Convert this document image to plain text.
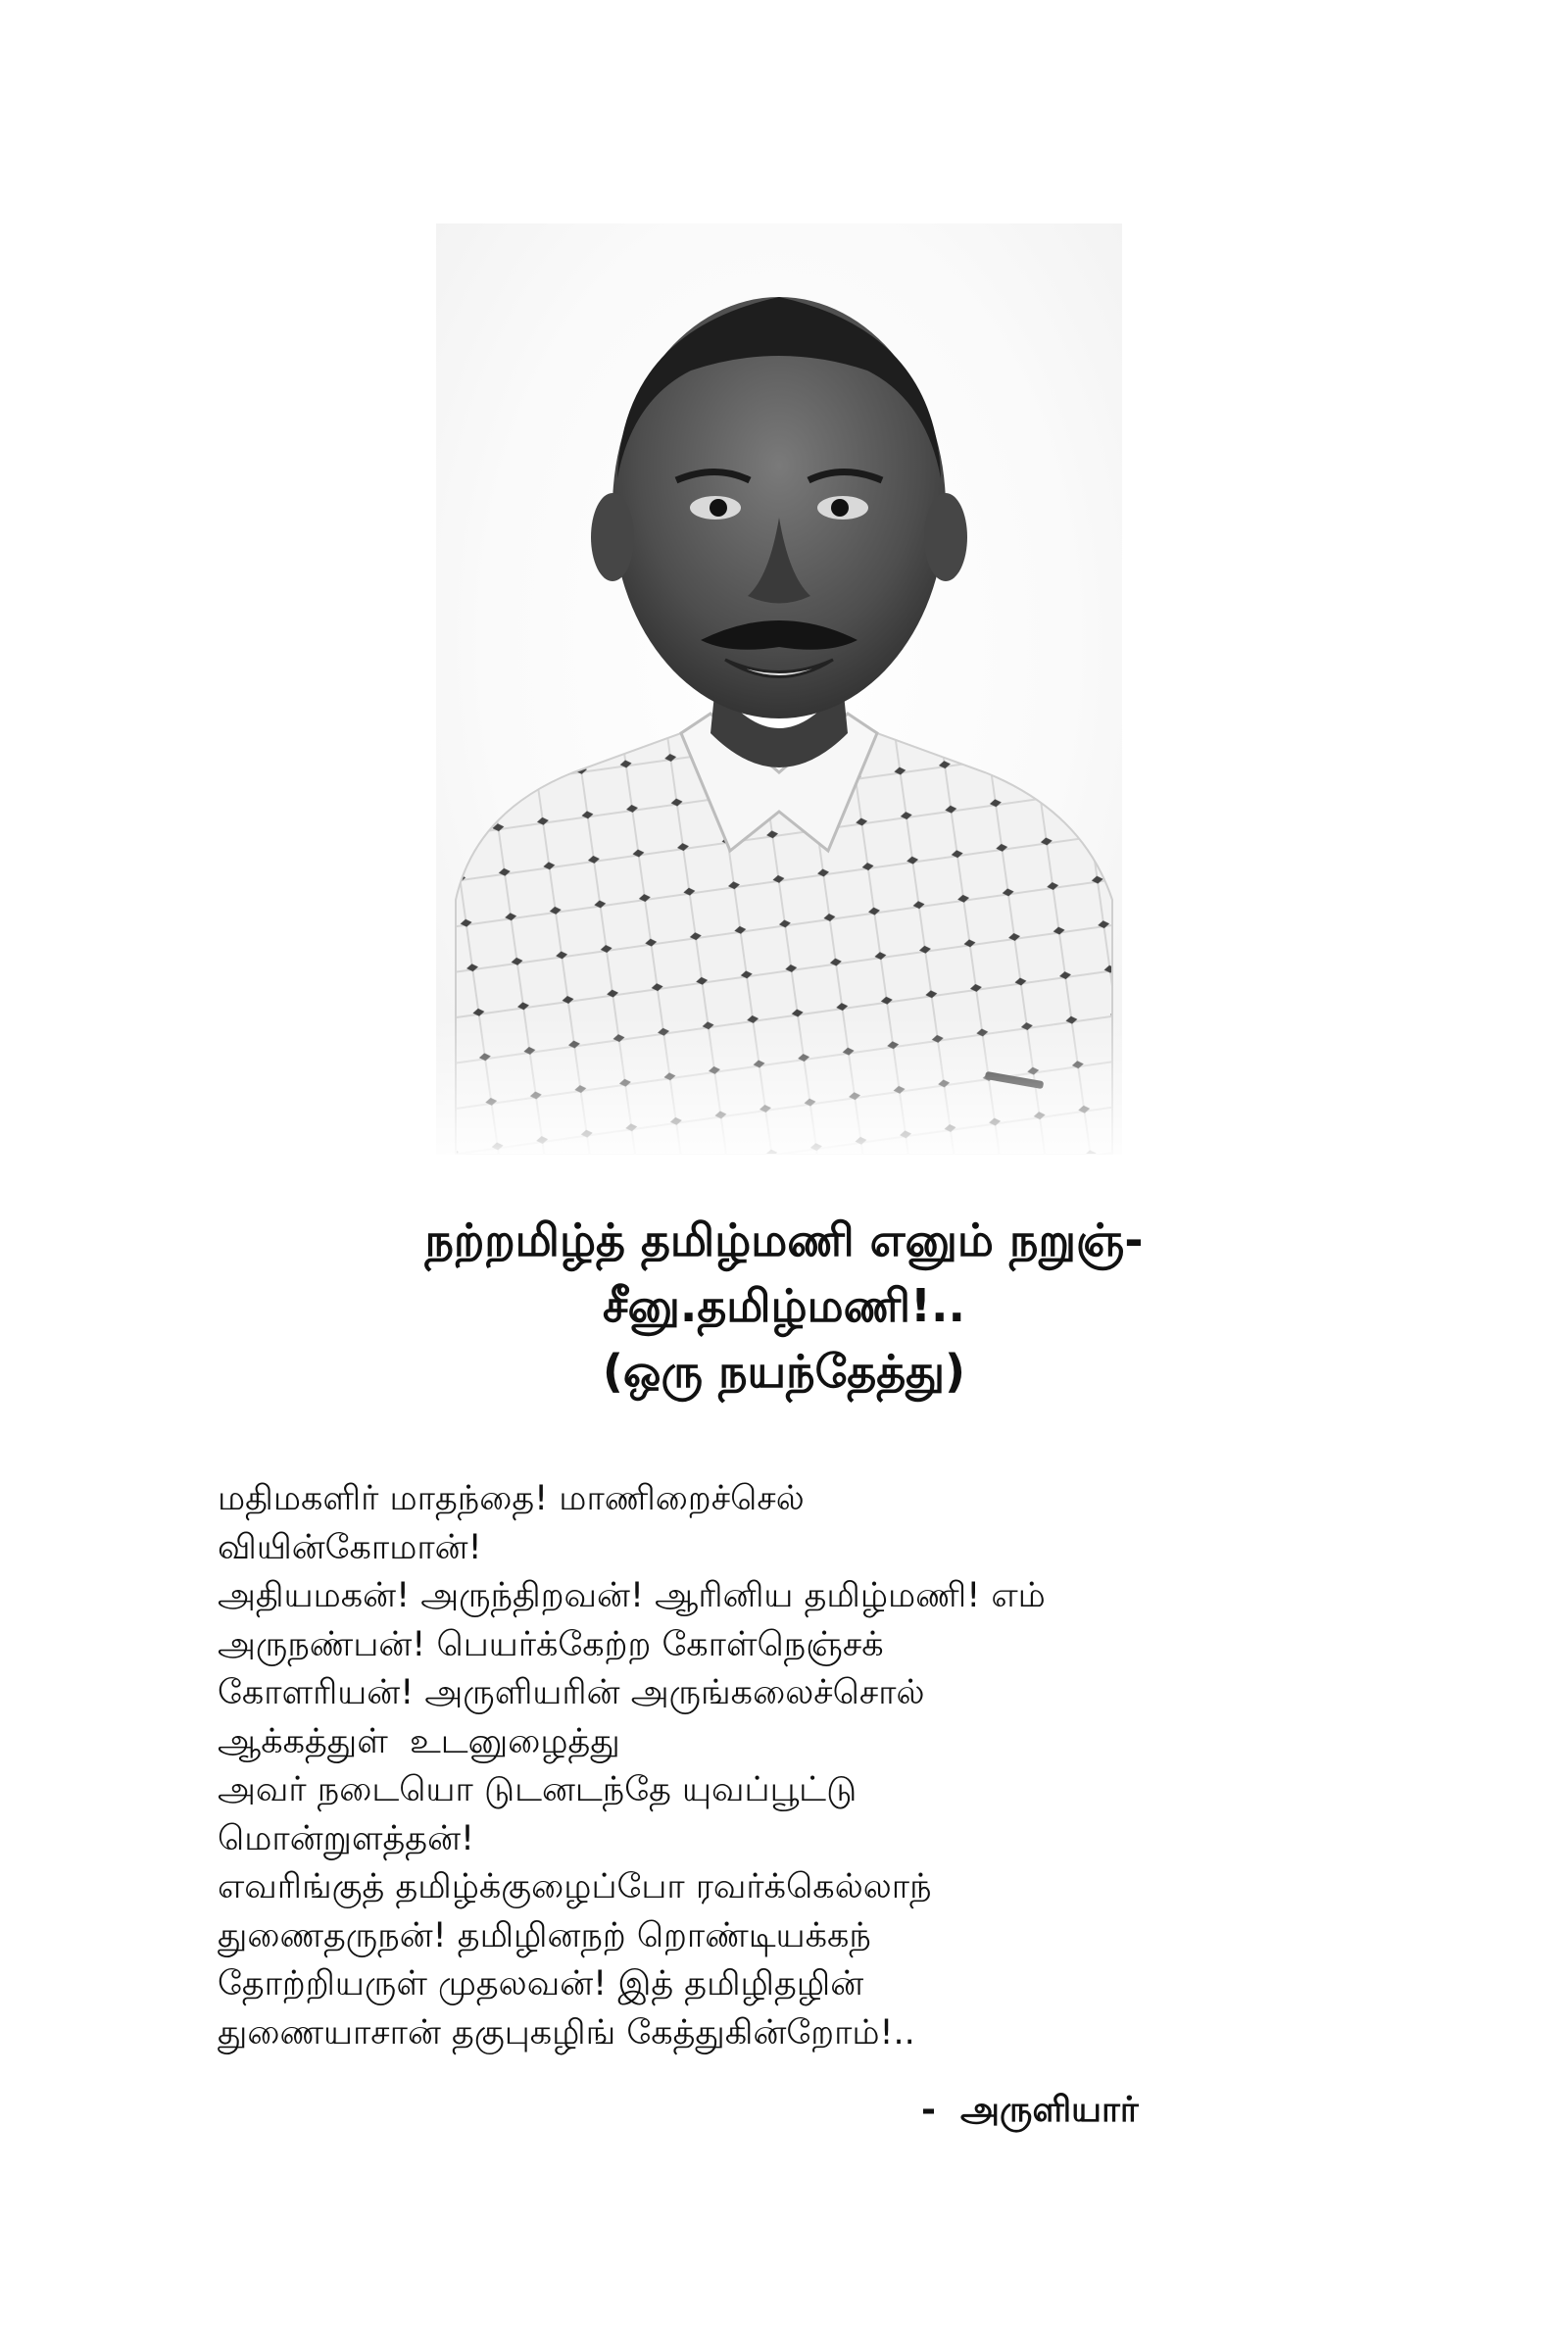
நற்றமிழ்த் தமிழ்மணி எனும் நறுஞ்-
சீனு.தமிழ்மணி!..
(ஒரு நயந்தேத்து)
மதிமகளிர் மாதந்தை! மாணிறைச்செல்
வியின்கோமான்!
அதியமகன்! அருந்திறவன்! ஆரினிய தமிழ்மணி! எம்
அருநண்பன்! பெயர்க்கேற்ற கோள்நெஞ்சக்
கோளரியன்! அருளியரின் அருங்கலைச்சொல்
ஆக்கத்துள்  உடனுழைத்து
அவர் நடையொ டுடனடந்தே யுவப்பூட்டு
மொன்றுளத்தன்!
எவரிங்குத் தமிழ்க்குழைப்போ ரவர்க்கெல்லாந்
துணைதருநன்! தமிழினநற் றொண்டியக்கந்
தோற்றியருள் முதலவன்! இத் தமிழிதழின்
துணையாசான் தகுபுகழிங் கேத்துகின்றோம்!..
-  அருளியார்
